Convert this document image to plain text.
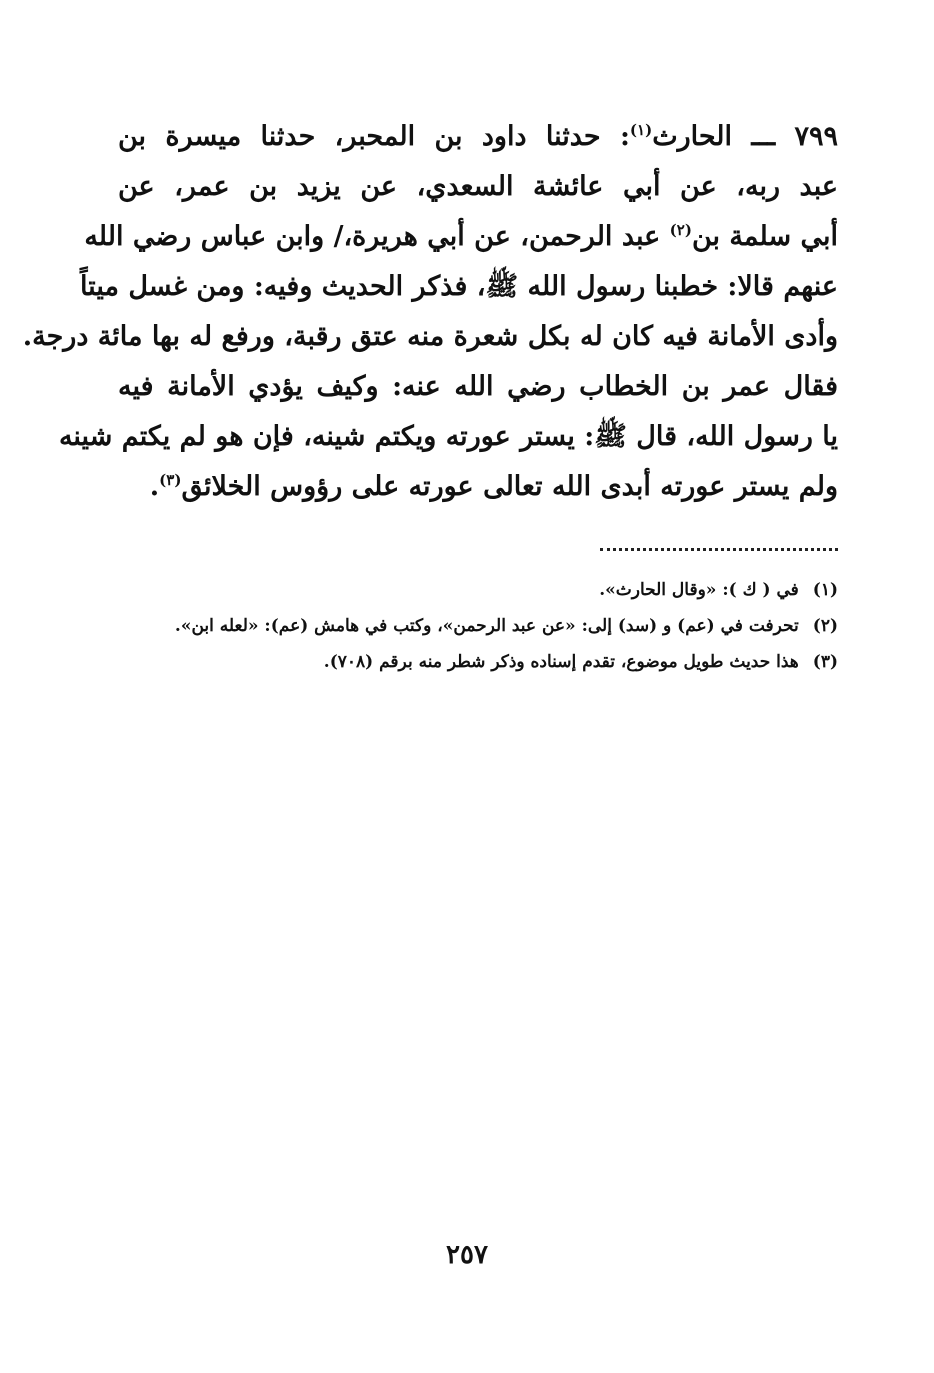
٧٩٩ ـــ الحارث$^{(١)}$: حدثنا داود بن المحبر، حدثنا ميسرة بن
عبد ربه، عن أبي عائشة السعدي، عن يزيد بن عمر، عن
أبي سلمة بن$^{(٢)}$ عبد الرحمن، عن أبي هريرة،/ وابن عباس رضي الله
عنهم قالا: خطبنا رسول الله ﷺ، فذكر الحديث وفيه: ومن غسل ميتاً
وأدى الأمانة فيه كان له بكل شعرة منه عتق رقبة، ورفع له بها مائة درجة.
فقال عمر بن الخطاب رضي الله عنه: وكيف يؤدي الأمانة فيه
يا رسول الله، قال ﷺ: يستر عورته ويكتم شينه، فإن هو لم يكتم شينه
ولم يستر عورته أبدى الله تعالى عورته على رؤوس الخلائق$^{(٣)}$.
(١)في ( ك ): «وقال الحارث».
(٢)تحرفت في (عم) و (سد) إلى: «عن عبد الرحمن»، وكتب في هامش (عم): «لعله ابن».
(٣)هذا حديث طويل موضوع، تقدم إسناده وذكر شطر منه برقم (٧٠٨).
٢٥٧
